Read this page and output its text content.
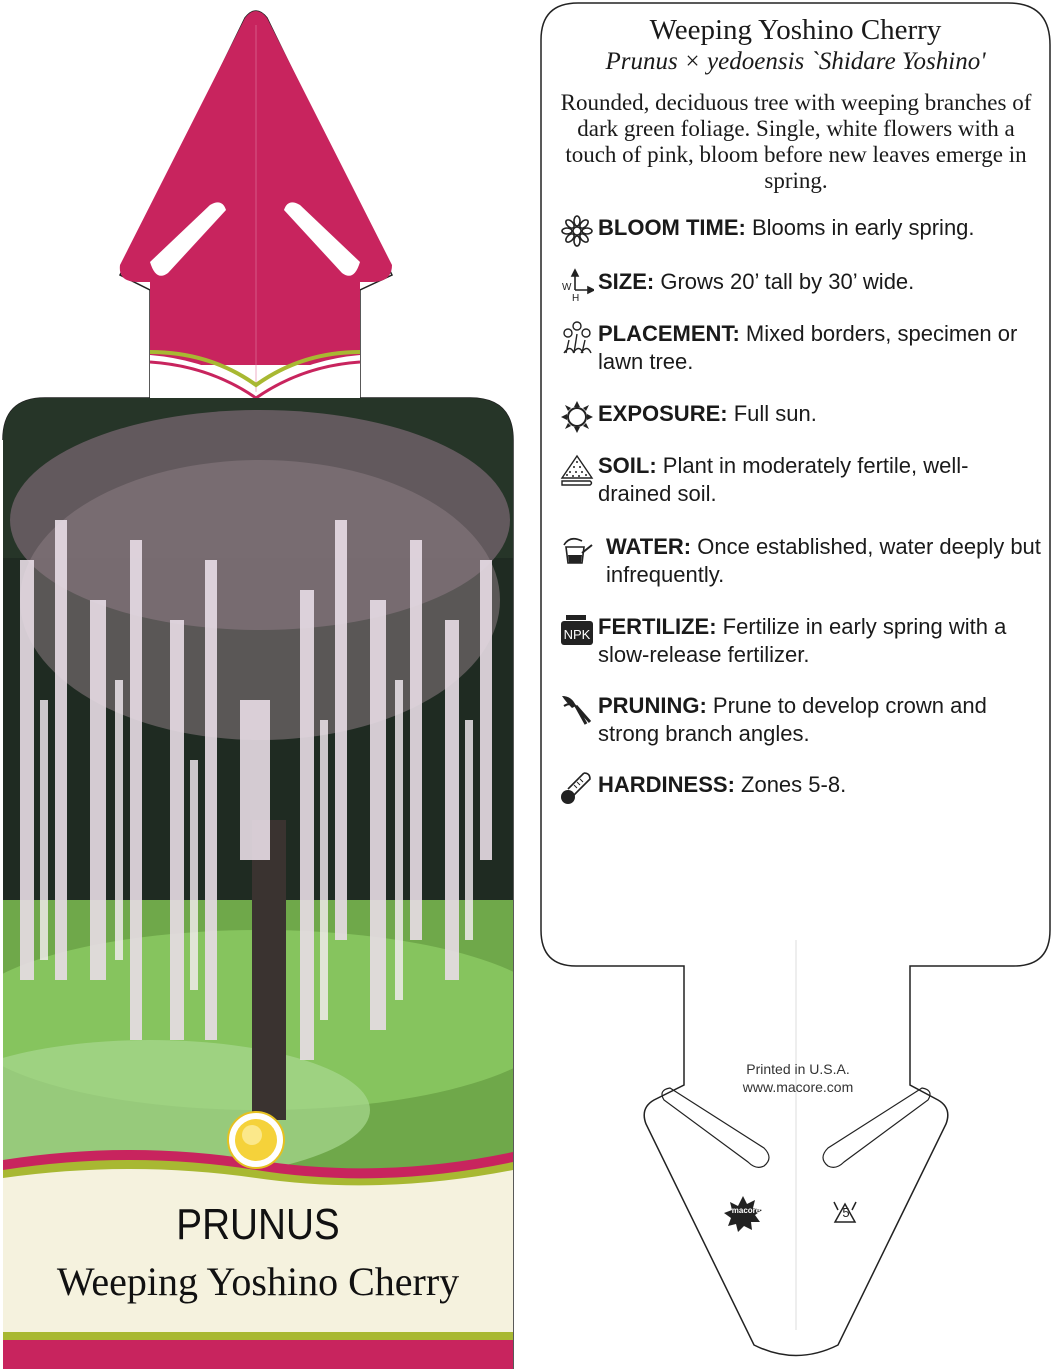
PRUNUS
Weeping Yoshino Cherry
Weeping Yoshino Cherry
Prunus × yedoensis `Shidare Yoshino'
Rounded, deciduous tree with weeping branches of dark green foliage. Single, white flowers with a touch of pink, bloom before new leaves emerge in spring.
BLOOM TIME: Blooms in early spring.
W
H
SIZE: Grows 20’ tall by 30’ wide.
PLACEMENT: Mixed borders, specimen or lawn tree.
EXPOSURE: Full sun.
SOIL: Plant in moderately fertile, well-drained soil.
WATER: Once established, water deeply but infrequently.
NPK FERTILIZE: Fertilize in early spring with a slow-release fertilizer.
PRUNING: Prune to develop crown and strong branch angles.
HARDINESS: Zones 5-8.
Printed in U.S.A.
www.macore.com
macore	5
